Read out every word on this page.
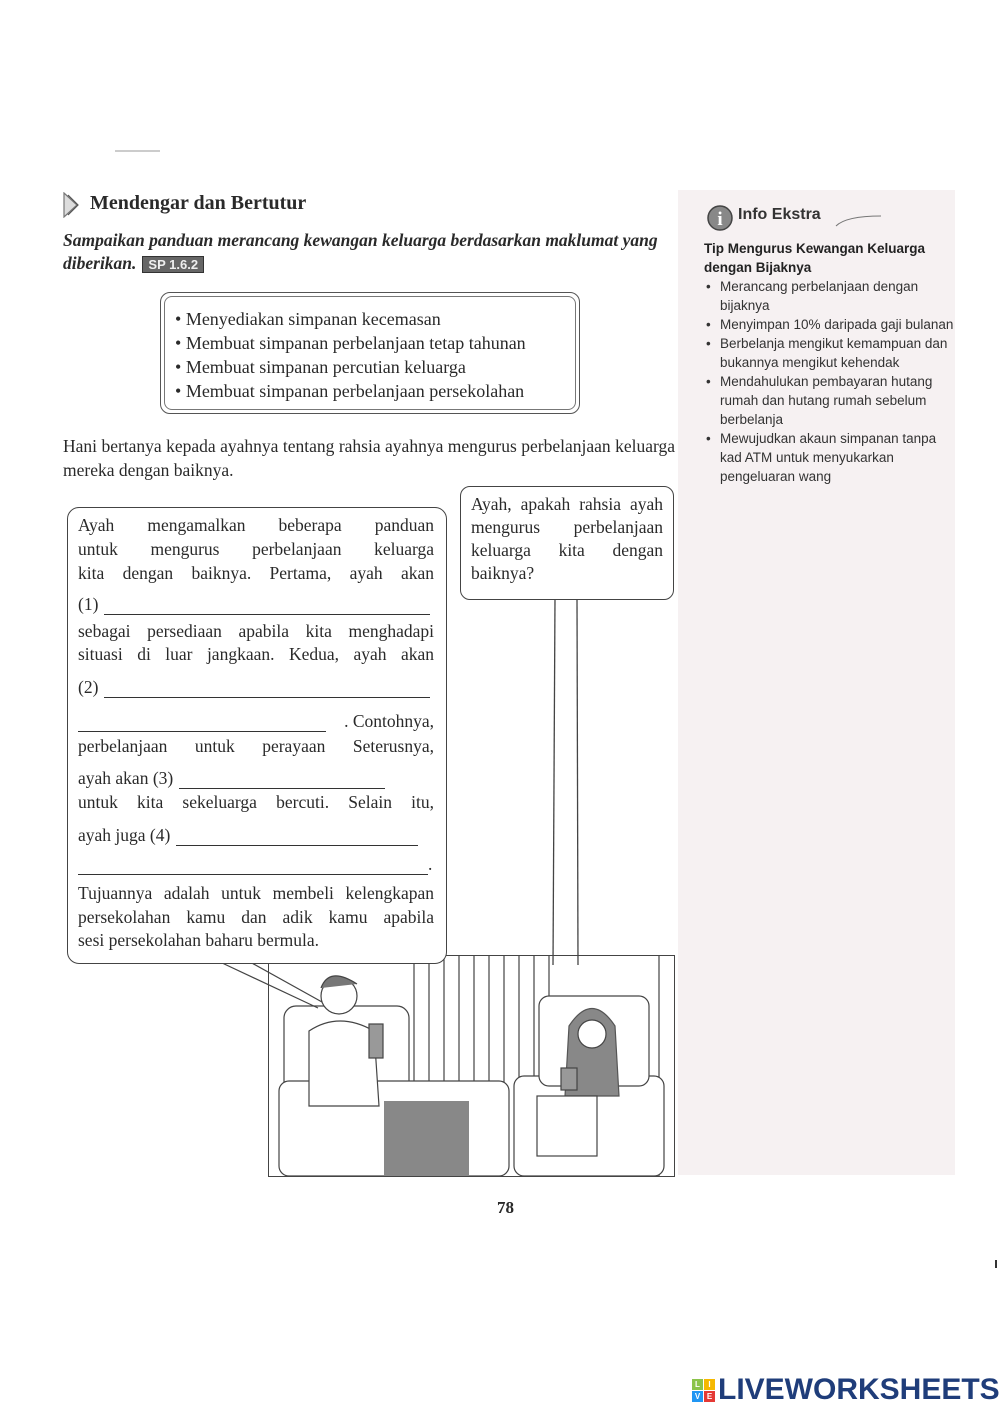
Mendengar dan Bertutur
Sampaikan panduan merancang kewangan keluarga berdasarkan maklumat yang diberikan. SP 1.6.2
• Menyediakan simpanan kecemasan
• Membuat simpanan perbelanjaan tetap tahunan
• Membuat simpanan percutian keluarga
• Membuat simpanan perbelanjaan persekolahan
Hani bertanya kepada ayahnya tentang rahsia ayahnya mengurus perbelanjaan keluarga mereka dengan baiknya.
Ayah mengamalkan beberapa panduan
untuk mengurus perbelanjaan keluarga
kita dengan baiknya. Pertama, ayah akan
(1)
sebagai persediaan apabila kita menghadapi
situasi di luar jangkaan. Kedua, ayah akan
(2)
. Contohnya,
perbelanjaan untuk perayaan Seterusnya,
ayah akan (3)
untuk kita sekeluarga bercuti. Selain itu,
ayah juga (4)
.
Tujuannya adalah untuk membeli kelengkapan
persekolahan kamu dan adik kamu apabila
sesi persekolahan baharu bermula.

Ayah, apakah rahsia ayah mengurus perbelanjaan keluarga kita dengan baiknya?

78
i Info Ekstra
Tip Mengurus Kewangan Keluarga dengan Bijaknya
• Merancang perbelanjaan dengan bijaknya
• Menyimpan 10% daripada gaji bulanan
• Berbelanja mengikut kemampuan dan bukannya mengikut kehendak
• Mendahulukan pembayaran hutang rumah dan hutang rumah sebelum berbelanja
• Mewujudkan akaun simpanan tanpa kad ATM untuk menyukarkan pengeluaran wang
L	I
V E LIVEWORKSHEETS
